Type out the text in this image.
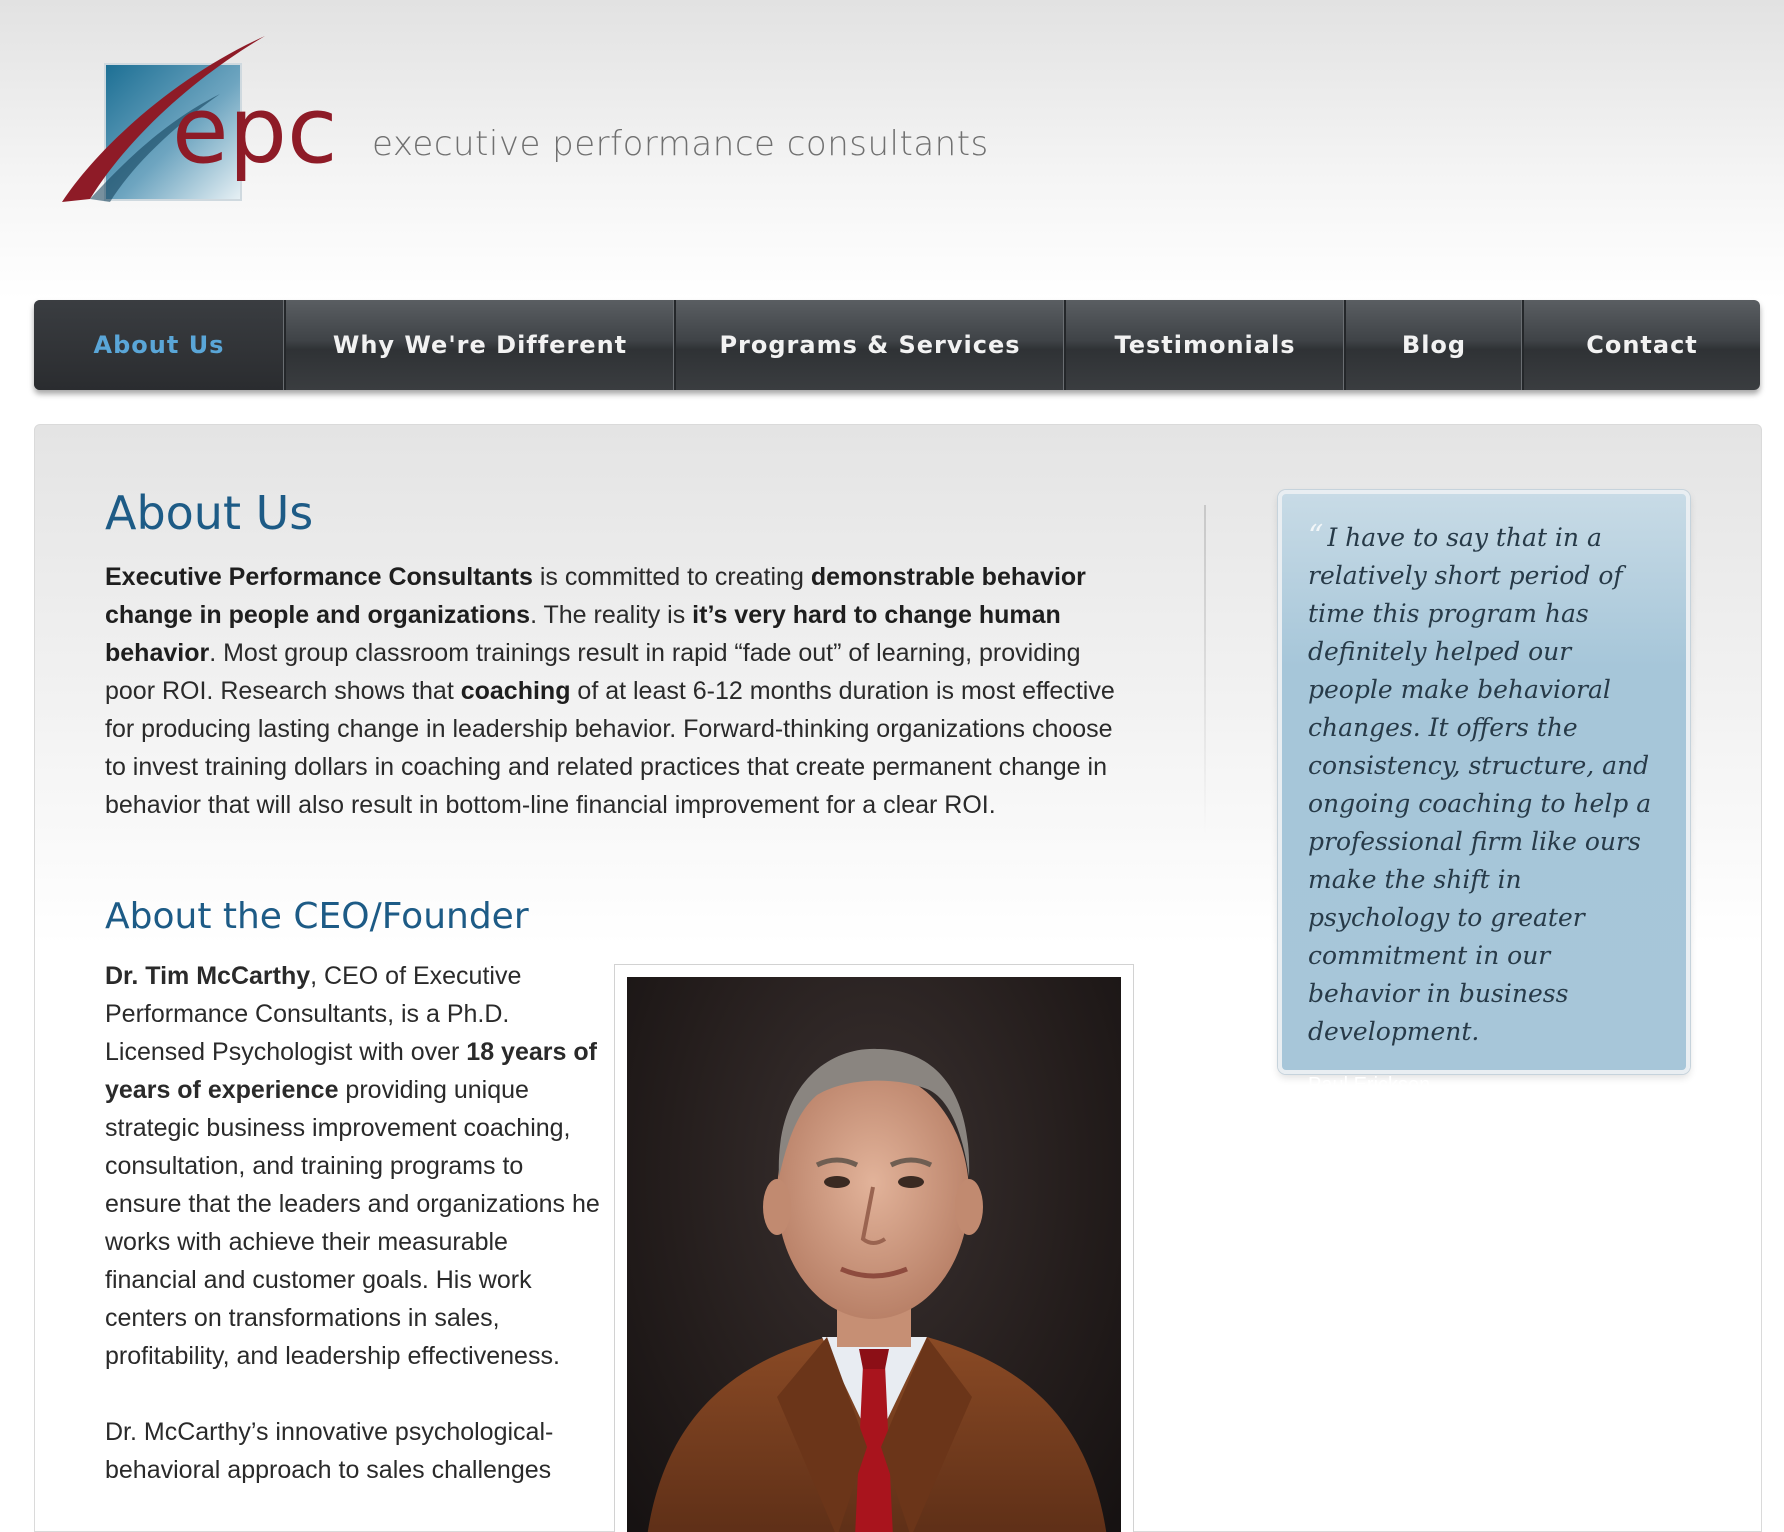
epc executive performance consultants
About Us	Why We're Different	Programs & Services	Testimonials	Blog	Contact
About Us
Executive Performance Consultants is committed to creating demonstrable behavior change in people and organizations. The reality is it’s very hard to change human behavior. Most group classroom trainings result in rapid “fade out” of learning, providing poor ROI. Research shows that coaching of at least 6-12 months duration is most effective for producing lasting change in leadership behavior. Forward-thinking organizations choose to invest training dollars in coaching and related practices that create permanent change in behavior that will also result in bottom-line financial improvement for a clear ROI.
About the CEO/Founder

Dr. Tim McCarthy, CEO of Executive Performance Consultants, is a Ph.D. Licensed Psychologist with over 18 years of years of experience providing unique strategic business improvement coaching, consultation, and training programs to ensure that the leaders and organizations he works with achieve their measurable financial and customer goals. His work centers on transformations in sales, profitability, and leadership effectiveness.

Dr. McCarthy’s innovative psychological-behavioral approach to sales challenges

“ I have to say that in a relatively short period of time this program has definitely helped our people make behavioral changes. It offers the consistency, structure, and ongoing coaching to help a professional firm like ours make the shift in psychology to greater commitment in our behavior in business development.
Paul Erickson,
CEO ATS&R
